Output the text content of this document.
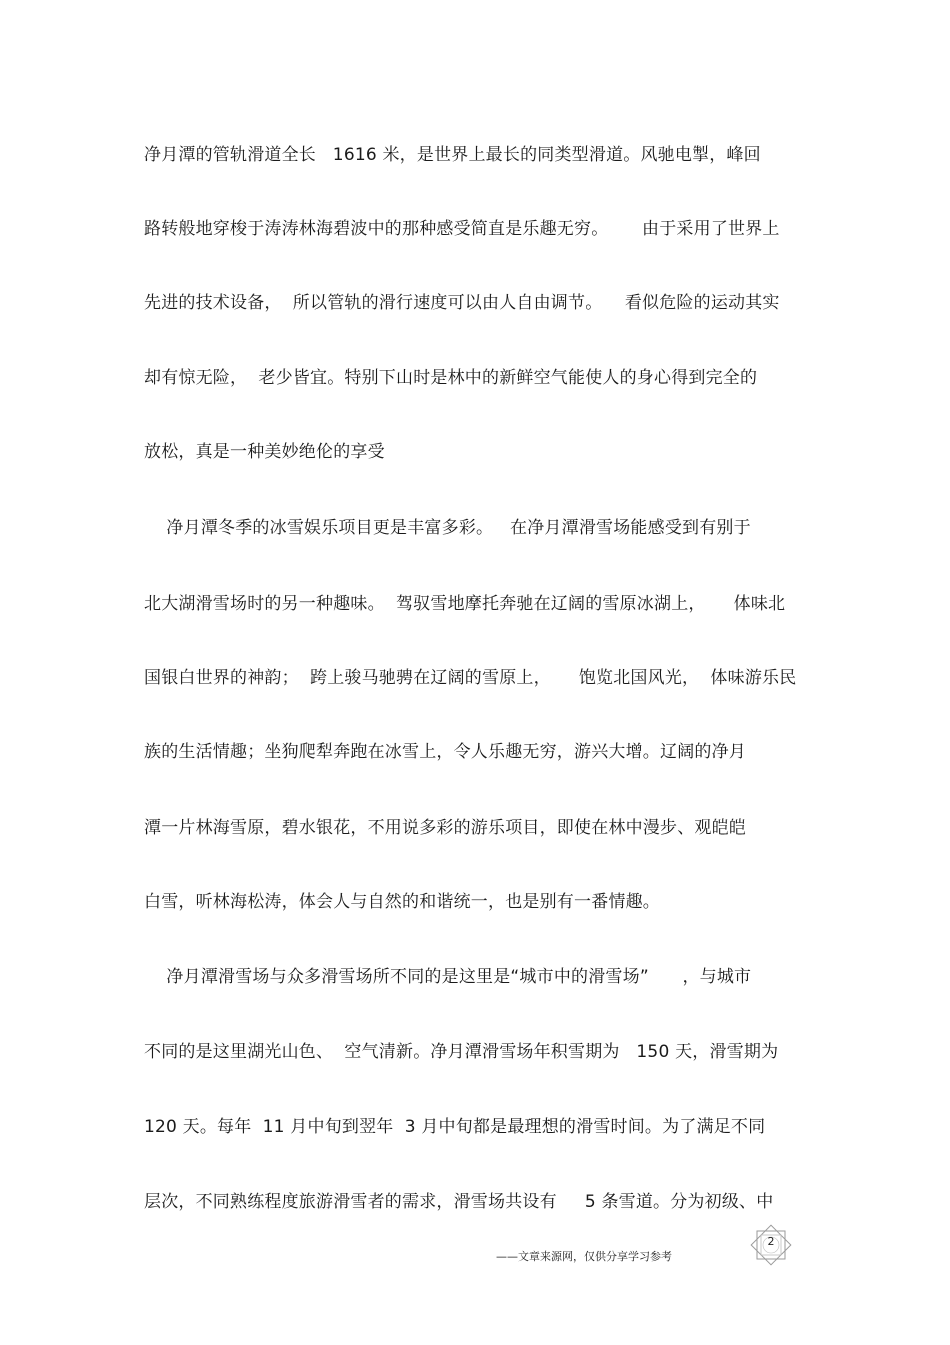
净月潭的管轨滑道全长   1616 米，是世界上最长的同类型滑道。风驰电掣，峰回
路转般地穿梭于涛涛林海碧波中的那种感受简直是乐趣无穷。      由于采用了世界上
先进的技术设备，  所以管轨的滑行速度可以由人自由调节。    看似危险的运动其实
却有惊无险，  老少皆宜。特别下山时是林中的新鲜空气能使人的身心得到完全的
放松，真是一种美妙绝伦的享受
净月潭冬季的冰雪娱乐项目更是丰富多彩。   在净月潭滑雪场能感受到有别于
北大湖滑雪场时的另一种趣味。  驾驭雪地摩托奔驰在辽阔的雪原冰湖上，     体味北
国银白世界的神韵；  跨上骏马驰骋在辽阔的雪原上，     饱览北国风光，  体味游乐民
族的生活情趣；坐狗爬犁奔跑在冰雪上，令人乐趣无穷，游兴大增。辽阔的净月
潭一片林海雪原，碧水银花，不用说多彩的游乐项目，即使在林中漫步、观皑皑
白雪，听林海松涛，体会人与自然的和谐统一，也是别有一番情趣。
净月潭滑雪场与众多滑雪场所不同的是这里是“城市中的滑雪场”      ，与城市
不同的是这里湖光山色、  空气清新。净月潭滑雪场年积雪期为   150 天，滑雪期为
120 天。每年  11 月中旬到翌年  3 月中旬都是最理想的滑雪时间。为了满足不同
层次，不同熟练程度旅游滑雪者的需求，滑雪场共设有     5 条雪道。分为初级、中
——文章来源网，仅供分享学习参考
2
